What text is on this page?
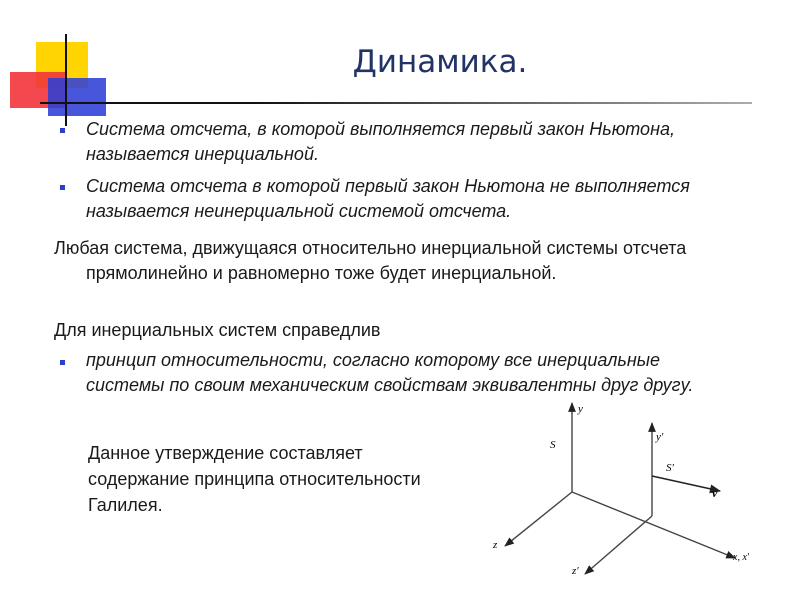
Динамика.
Система отсчета, в которой выполняется первый закон Ньютона, называется инерциальной.
Система отсчета в которой первый закон Ньютона не выполняется называется неинерциальной системой отсчета.
Любая система, движущаяся относительно инерциальной системы отсчета прямолинейно и равномерно тоже будет инерциальной.
Для инерциальных систем справедлив
принцип относительности, согласно которому все инерциальные системы по своим механическим свойствам эквивалентны друг другу.
Данное утверждение составляет содержание принципа относительности Галилея.
y
S
z
y′
S′
v
z′
x, x′
